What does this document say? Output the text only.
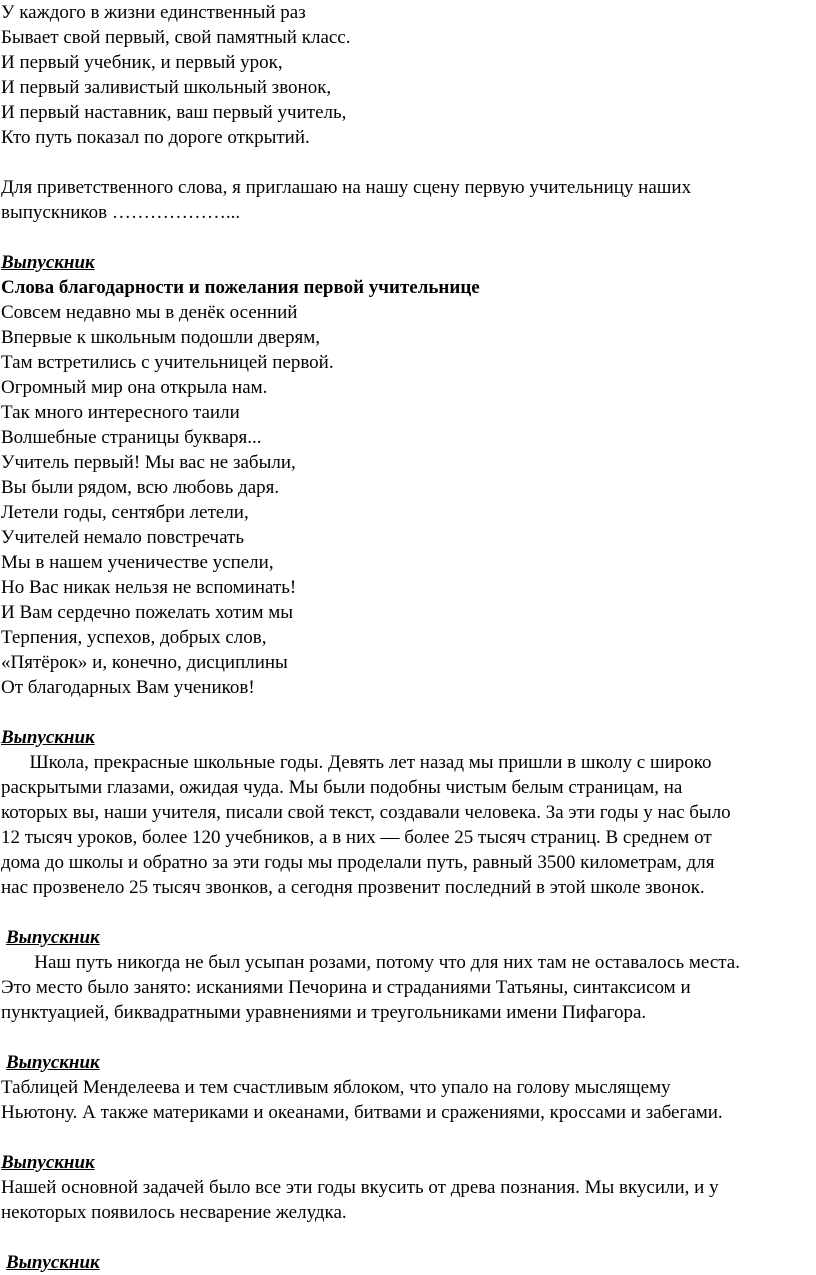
У каждого в жизни единственный раз
Бывает свой первый, свой памятный класс.
И первый учебник, и первый урок,
И первый заливистый школьный звонок,
И первый наставник, ваш первый учитель,
Кто путь показал по дороге открытий.
Для приветственного слова, я приглашаю на нашу сцену первую учительницу наших
выпускников ………………...
Выпускник
Слова благодарности и пожелания первой учительнице
Совсем недавно мы в денёк осенний
Впервые к школьным подошли дверям,
Там встретились с учительницей первой.
Огромный мир она открыла нам.
Так много интересного таили
Волшебные страницы букваря...
Учитель первый! Мы вас не забыли,
Вы были рядом, всю любовь даря.
Летели годы, сентябри летели,
Учителей немало повстречать
Мы в нашем ученичестве успели,
Но Вас никак нельзя не вспоминать!
И Вам сердечно пожелать хотим мы
Терпения, успехов, добрых слов,
«Пятёрок» и, конечно, дисциплины
От благодарных Вам учеников!
Выпускник
Школа, прекрасные школьные годы. Девять лет назад мы пришли в школу с широко
раскрытыми глазами, ожидая чуда. Мы были подобны чистым белым страницам, на
которых вы, наши учителя, писали свой текст, создавали человека. За эти годы у нас было
12 тысяч уроков, более 120 учебников, а в них — более 25 тысяч страниц. В среднем от
дома до школы и обратно за эти годы мы проделали путь, равный 3500 километрам, для
нас прозвенело 25 тысяч звонков, а сегодня прозвенит последний в этой школе звонок.
Выпускник
Наш путь никогда не был усыпан розами, потому что для них там не оставалось места.
Это место было занято: исканиями Печорина и страданиями Татьяны, синтаксисом и
пунктуацией, биквадратными уравнениями и треугольниками имени Пифагора.
Выпускник
Таблицей Менделеева и тем счастливым яблоком, что упало на голову мыслящему
Ньютону. А также материками и океанами, битвами и сражениями, кроссами и забегами.
Выпускник
Нашей основной задачей было все эти годы вкусить от древа познания. Мы вкусили, и у
некоторых появилось несварение желудка.
Выпускник
